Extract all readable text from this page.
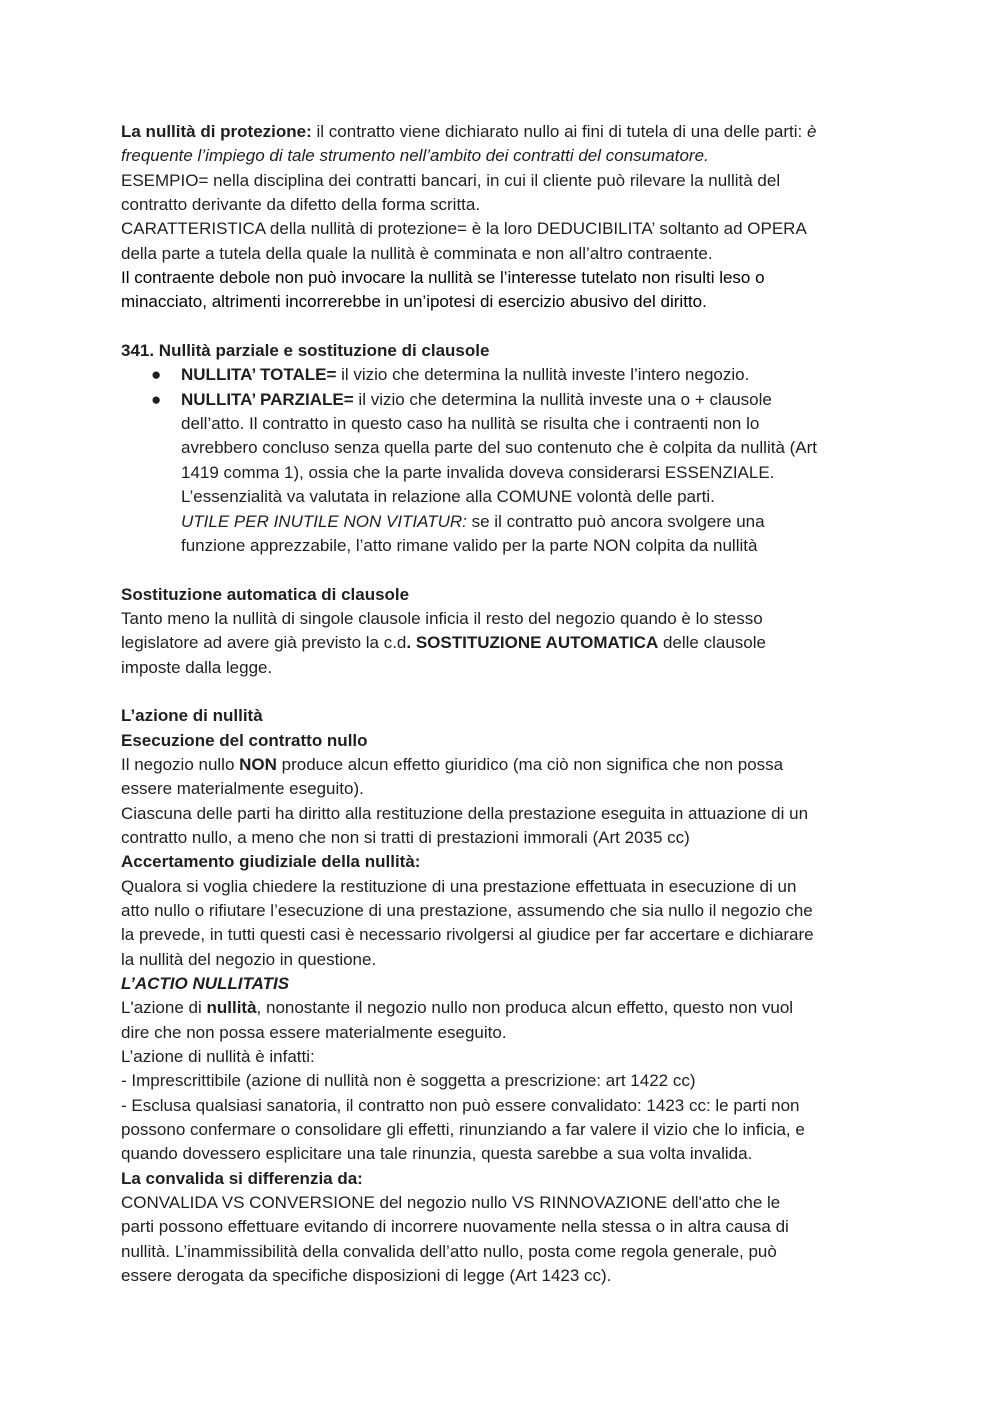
La nullità di protezione: il contratto viene dichiarato nullo ai fini di tutela di una delle parti: è
frequente l’impiego di tale strumento nell’ambito dei contratti del consumatore.
ESEMPIO= nella disciplina dei contratti bancari, in cui il cliente può rilevare la nullità del
contratto derivante da difetto della forma scritta.
CARATTERISTICA della nullità di protezione= è la loro DEDUCIBILITA’ soltanto ad OPERA
della parte a tutela della quale la nullità è comminata e non all’altro contraente.
Il contraente debole non può invocare la nullità se l’interesse tutelato non risulti leso o
minacciato, altrimenti incorrerebbe in un’ipotesi di esercizio abusivo del diritto.
341. Nullità parziale e sostituzione di clausole
● NULLITA’ TOTALE= il vizio che determina la nullità investe l’intero negozio.
● NULLITA’ PARZIALE= il vizio che determina la nullità investe una o + clausole
dell’atto. Il contratto in questo caso ha nullità se risulta che i contraenti non lo
avrebbero concluso senza quella parte del suo contenuto che è colpita da nullità (Art
1419 comma 1), ossia che la parte invalida doveva considerarsi ESSENZIALE.
L’essenzialità va valutata in relazione alla COMUNE volontà delle parti.
UTILE PER INUTILE NON VITIATUR: se il contratto può ancora svolgere una
funzione apprezzabile, l’atto rimane valido per la parte NON colpita da nullità
Sostituzione automatica di clausole
Tanto meno la nullità di singole clausole inficia il resto del negozio quando è lo stesso
legislatore ad avere già previsto la c.d. SOSTITUZIONE AUTOMATICA delle clausole
imposte dalla legge.
L’azione di nullità
Esecuzione del contratto nullo
Il negozio nullo NON produce alcun effetto giuridico (ma ciò non significa che non possa
essere materialmente eseguito).
Ciascuna delle parti ha diritto alla restituzione della prestazione eseguita in attuazione di un
contratto nullo, a meno che non si tratti di prestazioni immorali (Art 2035 cc)
Accertamento giudiziale della nullità:
Qualora si voglia chiedere la restituzione di una prestazione effettuata in esecuzione di un
atto nullo o rifiutare l’esecuzione di una prestazione, assumendo che sia nullo il negozio che
la prevede, in tutti questi casi è necessario rivolgersi al giudice per far accertare e dichiarare
la nullità del negozio in questione.
L’ACTIO NULLITATIS
L'azione di nullità, nonostante il negozio nullo non produca alcun effetto, questo non vuol
dire che non possa essere materialmente eseguito.
L’azione di nullità è infatti:
- Imprescrittibile (azione di nullità non è soggetta a prescrizione: art 1422 cc)
- Esclusa qualsiasi sanatoria, il contratto non può essere convalidato: 1423 cc: le parti non
possono confermare o consolidare gli effetti, rinunziando a far valere il vizio che lo inficia, e
quando dovessero esplicitare una tale rinunzia, questa sarebbe a sua volta invalida.
La convalida si differenzia da:
CONVALIDA VS CONVERSIONE del negozio nullo VS RINNOVAZIONE dell'atto che le
parti possono effettuare evitando di incorrere nuovamente nella stessa o in altra causa di
nullità. L’inammissibilità della convalida dell’atto nullo, posta come regola generale, può
essere derogata da specifiche disposizioni di legge (Art 1423 cc).
